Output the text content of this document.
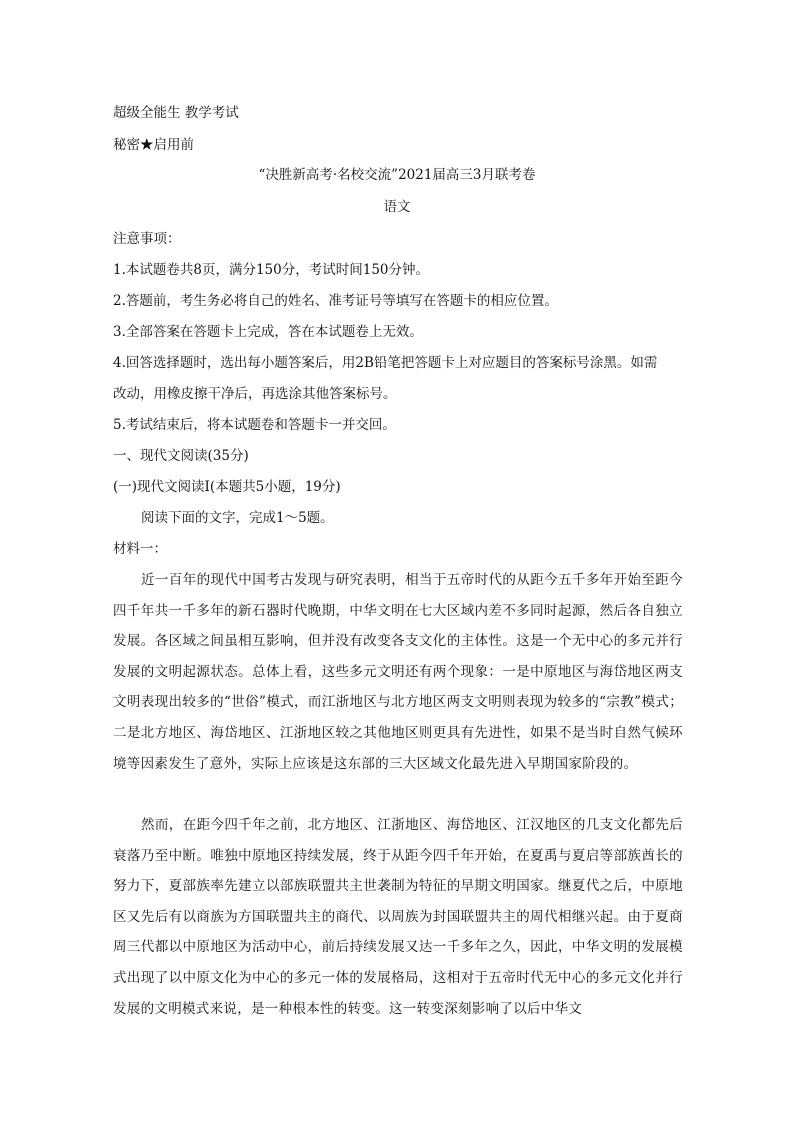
超级全能生 教学考试
秘密★启用前
“决胜新高考·名校交流”2021届高三3月联考卷
语文
注意事项：
1.本试题卷共8页，满分150分，考试时间150分钟。
2.答题前，考生务必将自己的姓名、准考证号等填写在答题卡的相应位置。
3.全部答案在答题卡上完成，答在本试题卷上无效。
4.回答选择题时，选出每小题答案后，用2B铅笔把答题卡上对应题目的答案标号涂黑。如需
改动，用橡皮擦干净后，再选涂其他答案标号。
5.考试结束后，将本试题卷和答题卡一并交回。
一、现代文阅读(35分)
(一)现代文阅读I(本题共5小题，19分)
阅读下面的文字，完成1～5题。
材料一：
近一百年的现代中国考古发现与研究表明，相当于五帝时代的从距今五千多年开始至距今四千年共一千多年的新石器时代晚期，中华文明在七大区域内差不多同时起源，然后各自独立发展。各区域之间虽相互影响，但并没有改变各支文化的主体性。这是一个无中心的多元并行发展的文明起源状态。总体上看，这些多元文明还有两个现象：一是中原地区与海岱地区两支文明表现出较多的“世俗”模式，而江浙地区与北方地区两支文明则表现为较多的“宗教”模式；二是北方地区、海岱地区、江浙地区较之其他地区则更具有先进性，如果不是当时自然气候环境等因素发生了意外，实际上应该是这东部的三大区域文化最先进入早期国家阶段的。
然而，在距今四千年之前，北方地区、江浙地区、海岱地区、江汉地区的几支文化都先后衰落乃至中断。唯独中原地区持续发展，终于从距今四千年开始，在夏禹与夏启等部族酋长的努力下，夏部族率先建立以部族联盟共主世袭制为特征的早期文明国家。继夏代之后，中原地区又先后有以商族为方国联盟共主的商代、以周族为封国联盟共主的周代相继兴起。由于夏商周三代都以中原地区为活动中心，前后持续发展又达一千多年之久，因此，中华文明的发展模式出现了以中原文化为中心的多元一体的发展格局，这相对于五帝时代无中心的多元文化并行发展的文明模式来说，是一种根本性的转变。这一转变深刻影响了以后中华文
